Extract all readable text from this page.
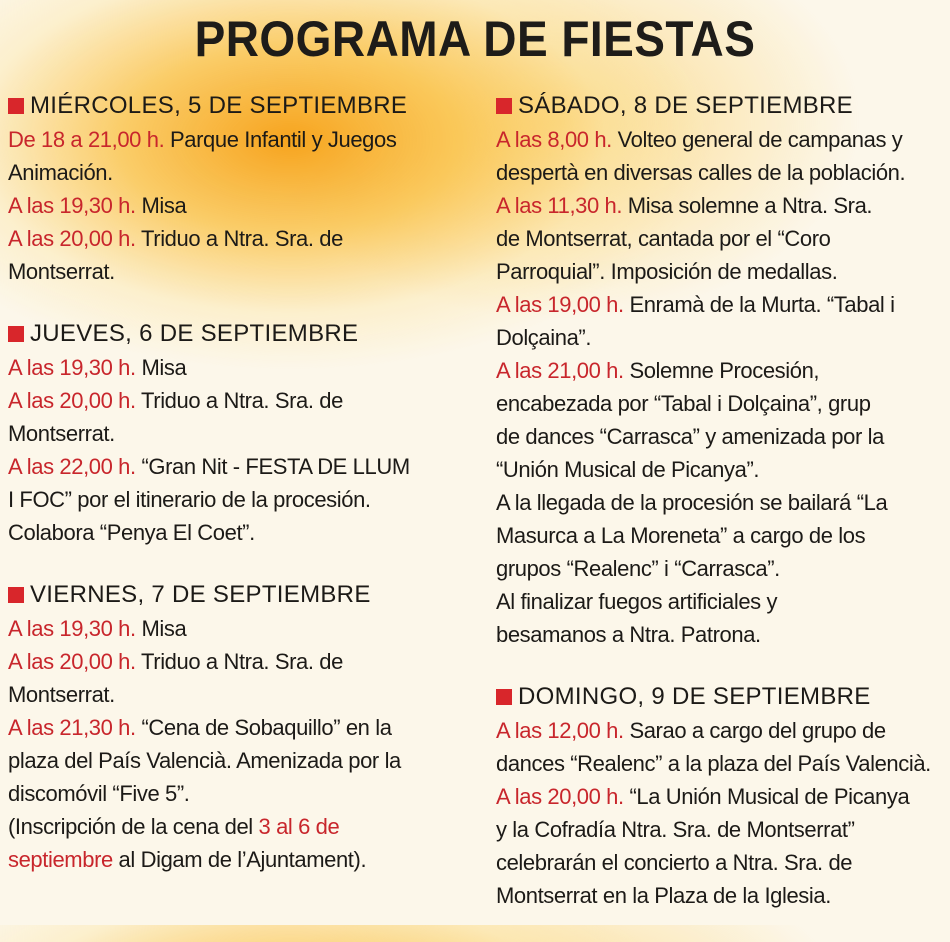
PROGRAMA DE FIESTAS
MIÉRCOLES, 5 DE SEPTIEMBRE
De 18 a 21,00 h. Parque Infantil y Juegos
Animación.
A las 19,30 h. Misa
A las 20,00 h. Triduo a Ntra. Sra. de
Montserrat.
JUEVES, 6 DE SEPTIEMBRE
A las 19,30 h. Misa
A las 20,00 h. Triduo a Ntra. Sra. de
Montserrat.
A las 22,00 h. “Gran Nit - FESTA DE LLUM
I FOC” por el itinerario de la procesión.
Colabora “Penya El Coet”.
VIERNES, 7 DE SEPTIEMBRE
A las 19,30 h. Misa
A las 20,00 h. Triduo a Ntra. Sra. de
Montserrat.
A las 21,30 h. “Cena de Sobaquillo” en la
plaza del País Valencià. Amenizada por la
discomóvil “Five 5”.
(Inscripción de la cena del 3 al 6 de
septiembre al Digam de l’Ajuntament).
SÁBADO, 8 DE SEPTIEMBRE
A las 8,00 h. Volteo general de campanas y
despertà en diversas calles de la población.
A las 11,30 h. Misa solemne a Ntra. Sra.
de Montserrat, cantada por el “Coro
Parroquial”. Imposición de medallas.
A las 19,00 h. Enramà de la Murta. “Tabal i
Dolçaina”.
A las 21,00 h. Solemne Procesión,
encabezada por “Tabal i Dolçaina”, grup
de dances “Carrasca” y amenizada por la
“Unión Musical de Picanya”.
A la llegada de la procesión se bailará “La
Masurca a La Moreneta” a cargo de los
grupos “Realenc” i “Carrasca”.
Al finalizar fuegos artificiales y
besamanos a Ntra. Patrona.
DOMINGO, 9 DE SEPTIEMBRE
A las 12,00 h. Sarao a cargo del grupo de
dances “Realenc” a la plaza del País Valencià.
A las 20,00 h. “La Unión Musical de Picanya
y la Cofradía Ntra. Sra. de Montserrat”
celebrarán el concierto a Ntra. Sra. de
Montserrat en la Plaza de la Iglesia.
